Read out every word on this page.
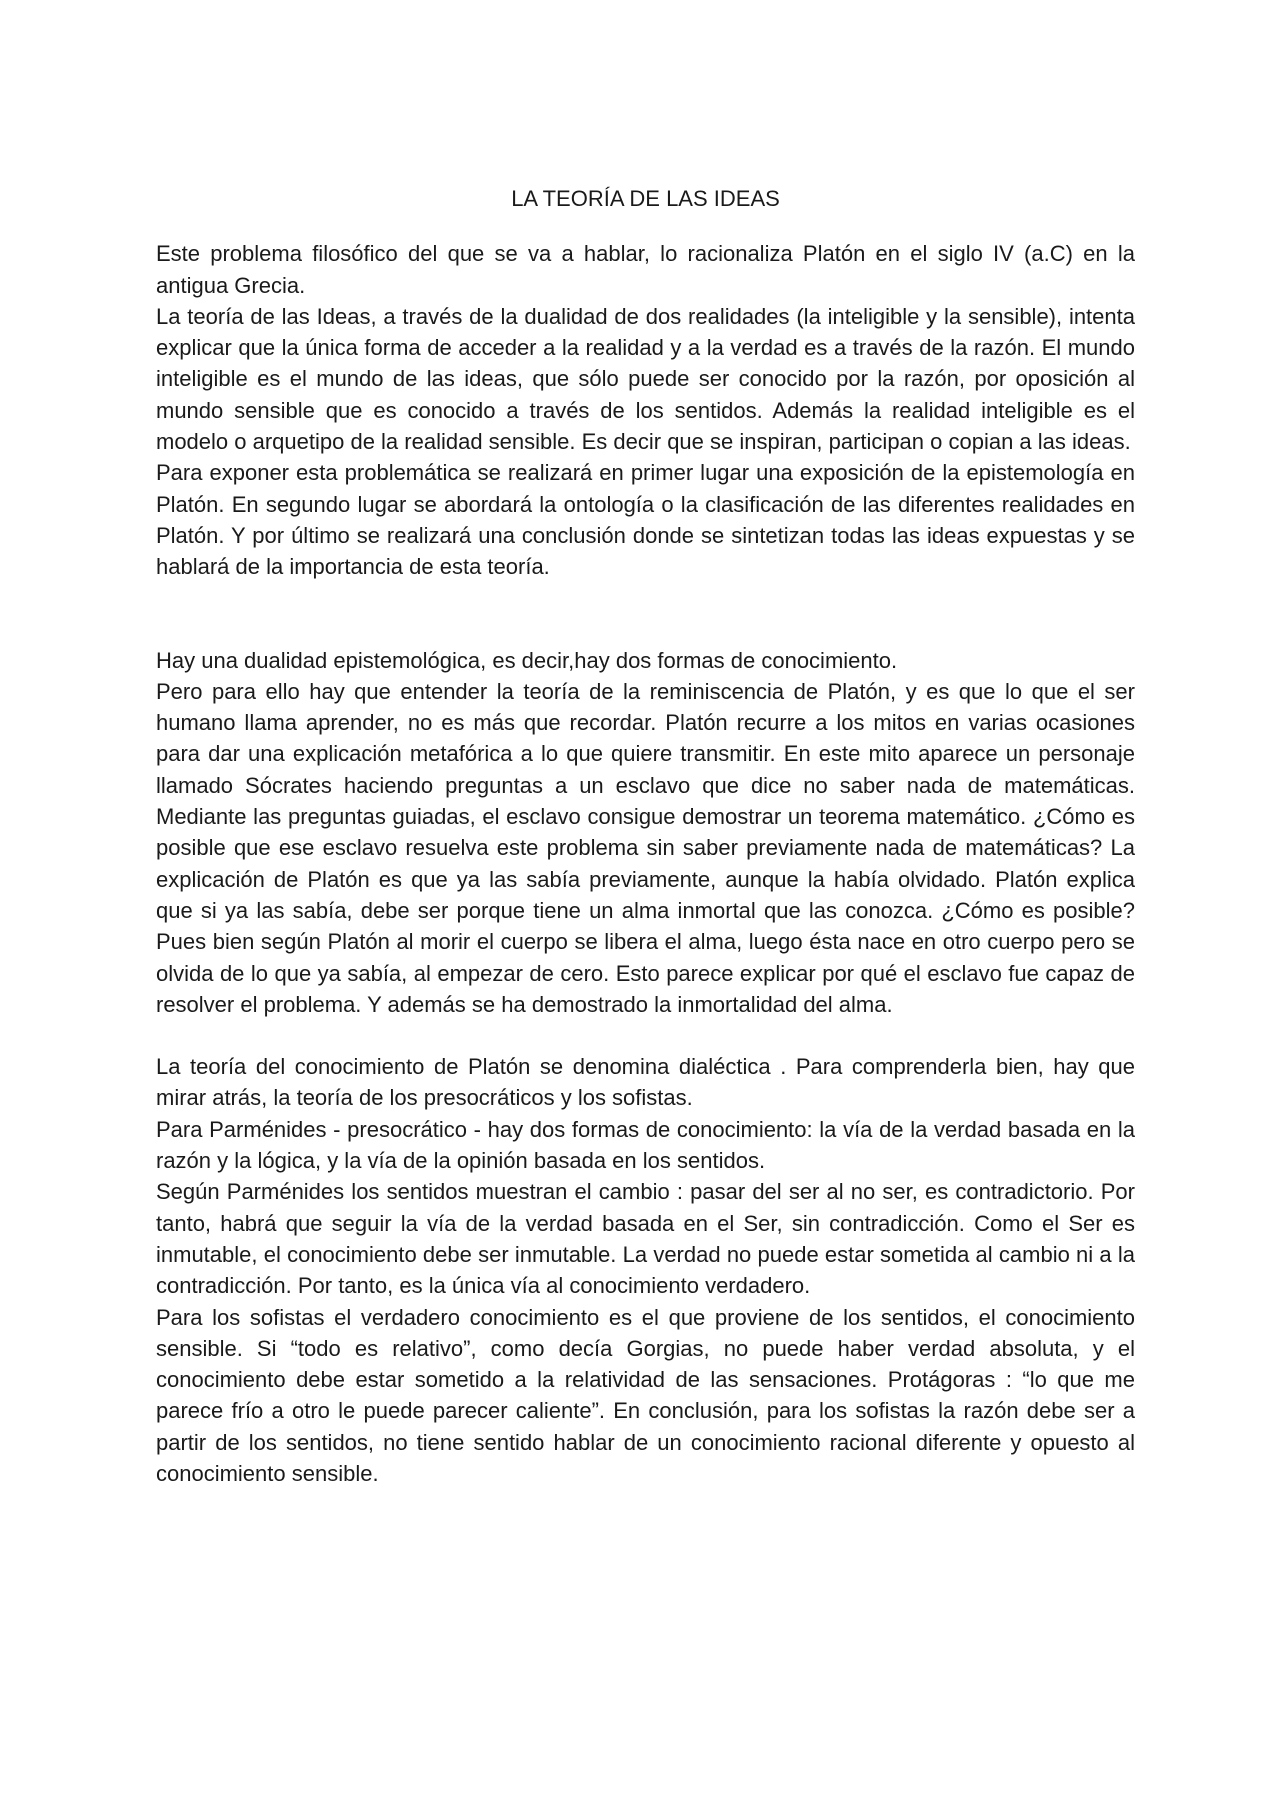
LA TEORÍA DE LAS IDEAS

Este problema filosófico del que se va a hablar, lo racionaliza Platón en el siglo IV (a.C) en la antigua Grecia.

La teoría de las Ideas, a través de la dualidad de dos realidades (la inteligible y la sensible), intenta explicar que la única forma de acceder a la realidad y a la verdad es a través de la razón. El mundo inteligible es el mundo de las ideas, que sólo puede ser conocido por la razón, por oposición al mundo sensible que es conocido a través de los sentidos. Además la realidad inteligible es el modelo o arquetipo de la realidad sensible. Es decir que se inspiran, participan o copian a las ideas.

Para exponer esta problemática se realizará en primer lugar una exposición de la epistemología en Platón. En segundo lugar se abordará la ontología o la clasificación de las diferentes realidades en Platón. Y por último se realizará una conclusión donde se sintetizan todas las ideas expuestas y se hablará de la importancia de esta teoría.

Hay una dualidad epistemológica, es decir,hay dos formas de conocimiento.

Pero para ello hay que entender la teoría de la reminiscencia de Platón, y es que lo que el ser humano llama aprender, no es más que recordar. Platón recurre a los mitos en varias ocasiones para dar una explicación metafórica a lo que quiere transmitir. En este mito aparece un personaje llamado Sócrates haciendo preguntas a un esclavo que dice no saber nada de matemáticas. Mediante las preguntas guiadas, el esclavo consigue demostrar un teorema matemático. ¿Cómo es posible que ese esclavo resuelva este problema sin saber previamente nada de matemáticas? La explicación de Platón es que ya las sabía previamente, aunque la había olvidado. Platón explica que si ya las sabía, debe ser porque tiene un alma inmortal que las conozca. ¿Cómo es posible? Pues bien según Platón al morir el cuerpo se libera el alma, luego ésta nace en otro cuerpo pero se olvida de lo que ya sabía, al empezar de cero. Esto parece explicar por qué el esclavo fue capaz de resolver el problema. Y además se ha demostrado la inmortalidad del alma.

La teoría del conocimiento de Platón se denomina dialéctica . Para comprenderla bien, hay que mirar atrás, la teoría de los presocráticos y los sofistas.

Para Parménides - presocrático - hay dos formas de conocimiento: la vía de la verdad basada en la razón y la lógica, y la vía de la opinión basada en los sentidos.

Según Parménides los sentidos muestran el cambio : pasar del ser al no ser, es contradictorio. Por tanto, habrá que seguir la vía de la verdad basada en el Ser, sin contradicción. Como el Ser es inmutable, el conocimiento debe ser inmutable. La verdad no puede estar sometida al cambio ni a la contradicción. Por tanto, es la única vía al conocimiento verdadero.

Para los sofistas el verdadero conocimiento es el que proviene de los sentidos, el conocimiento sensible. Si “todo es relativo”, como decía Gorgias, no puede haber verdad absoluta, y el conocimiento debe estar sometido a la relatividad de las sensaciones. Protágoras : “lo que me parece frío a otro le puede parecer caliente”. En conclusión, para los sofistas la razón debe ser a partir de los sentidos, no tiene sentido hablar de un conocimiento racional diferente y opuesto al conocimiento sensible.
